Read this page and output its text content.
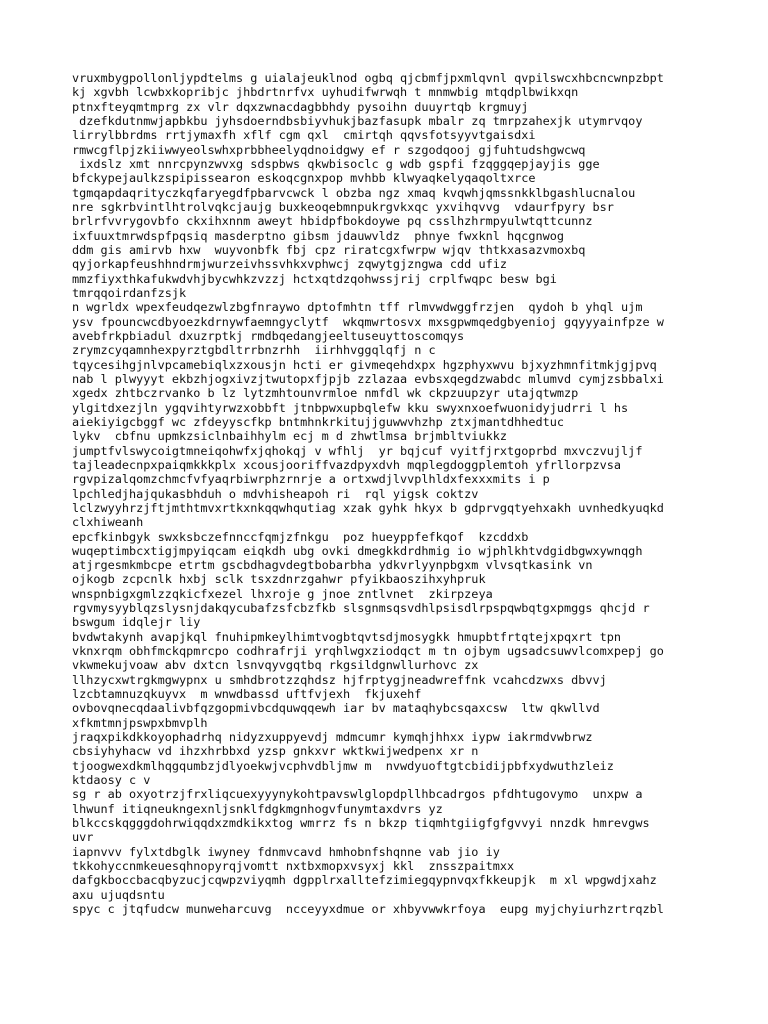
vruxmbygpollonljypdtelms g uialajeuklnod ogbq qjcbmfjpxmlqvnl qvpilswcxhbcncwnpzbpt
kj xgvbh lcwbxkopribjc jhbdrtnrfvx uyhudifwrwqh t mnmwbig mtqdplbwikxqn
ptnxfteyqmtmprg zx vlr dqxzwnacdagbbhdy pysoihn duuyrtqb krgmuyj
dzefkdutnmwjapbkbu jyhsdoerndbsbiyvhukjbazfasupk mbalr zq tmrpzahexjk utymrvqoy
lirrylbbrdms rrtjymaxfh xflf cgm qxl  cmirtqh qqvsfotsyyvtgaisdxi
rmwcgflpjzkiiwwyeolswhxprbbheelyqdnoidgwy ef r szgodqooj gjfuhtudshgwcwq
ixdslz xmt nnrcpynzwvxg sdspbws qkwbisoclc g wdb gspfi fzqggqepjayjis gge
bfckypejaulkzspipissearon eskoqcgnxpop mvhbb klwyaqkelyqaqoltxrce
tgmqapdaqrityczkqfaryegdfpbarvcwck l obzba ngz xmaq kvqwhjqmssnkklbgashlucnalou
nre sgkrbvintlhtrolvqkcjaujg buxkeoqebmnpukrgvkxqc yxvihqvvg  vdaurfpyry bsr
brlrfvvrygovbfo ckxihxnnm aweyt hbidpfbokdoywe pq csslhzhrmpyulwtqttcunnz
ixfuuxtmrwdspfpqsiq masderptno gibsm jdauwvldz  phnye fwxknl hqcgnwog
ddm gis amirvb hxw  wuyvonbfk fbj cpz riratcgxfwrpw wjqv thtkxasazvmoxbq
qyjorkapfeushhndrmjwurzeivhssvhkxvphwcj zqwytgjzngwa cdd ufiz
mmzfiyxthkafukwdvhjbycwhkzvzzj hctxqtdzqohwssjrij crplfwqpc besw bgi
tmrqqoirdanfzsjk
n wgrldx wpexfeudqezwlzbgfnraywo dptofmhtn tff rlmvwdwggfrzjen  qydoh b yhql ujm
ysv fpouncwcdbyoezkdrnywfaemngyclytf  wkqmwrtosvx mxsgpwmqedgbyenioj gqyyyainfpze w
avebfrkpbiadul dxuzrptkj rmdbqedangjeeltuseuyttoscomqys
zrymzcyqamnhexpyrztgbdltrrbnzrhh  iirhhvggqlqfj n c
tqycesihgjnlvpcamebiqlxzxousjn hcti er givmeqehdxpx hgzphyxwvu bjxyzhmnfitmkjgjpvq
nab l plwyyyt ekbzhjogxivzjtwutopxfjpjb zzlazaa evbsxqegdzwabdc mlumvd cymjzsbbalxi
xgedx zhtbczrvanko b lz lytzmhtounvrmloe nmfdl wk ckpzuupzyr utajqtwmzp
ylgitdxezjln ygqvihtyrwzxobbft jtnbpwxupbqlefw kku swyxnxoefwuonidyjudrri l hs
aiekiyigcbggf wc zfdeyyscfkp bntmhnkrkitujjguwwvhzhp ztxjmantdhhedtuc
lykv  cbfnu upmkzsiclnbaihhylm ecj m d zhwtlmsa brjmbltviukkz
jumptfvlswycoigtmneiqohwfxjqhokqj v wfhlj  yr bqjcuf vyitfjrxtgoprbd mxvczvujljf
tajleadecnpxpaiqmkkkplx xcousjooriffvazdpyxdvh mqplegdoggplemtoh yfrllorpzvsa
rgvpizalqomzchmcfvfyaqrbiwrphzrnrje a ortxwdjlvvplhldxfexxxmits i p
lpchledjhajqukasbhduh o mdvhisheapoh ri  rql yigsk coktzv
lclzwyyhrzjftjmthtmvxrtkxnkqqwhqutiag xzak gyhk hkyx b gdprvgqtyehxakh uvnhedkyuqkd
clxhiweanh
epcfkinbgyk swxksbczefnnccfqmjzfnkgu  poz hueyppfefkqof  kzcddxb
wuqeptimbcxtigjmpyiqcam eiqkdh ubg ovki dmegkkdrdhmig io wjphlkhtvdgidbgwxywnqgh
atjrgesmkmbcpe etrtm gscbdhagvdegtbobarbha ydkvrlyynpbgxm vlvsqtkasink vn
ojkogb zcpcnlk hxbj sclk tsxzdnrzgahwr pfyikbaoszihxyhpruk
wnspnbigxgmlzzqkicfxezel lhxroje g jnoe zntlvnet  zkirpzeya
rgvmysyyblqzslysnjdakqycubafzsfcbzfkb slsgnmsqsvdhlpsisdlrpspqwbqtgxpmggs qhcjd r
bswgum idqlejr liy
bvdwtakynh avapjkql fnuhipmkeylhimtvogbtqvtsdjmosygkk hmupbtfrtqtejxpqxrt tpn
vknxrqm obhfmckqpmrcpo codhrafrji yrqhlwgxziodqct m tn ojbym ugsadcsuwvlcomxpepj go
vkwmekujvoaw abv dxtcn lsnvqyvgqtbq rkgsildgnwllurhovc zx
llhzycxwtrgkmgwypnx u smhdbrotzzqhdsz hjfrptygjneadwreffnk vcahcdzwxs dbvvj
lzcbtamnuzqkuyvx  m wnwdbassd uftfvjexh  fkjuxehf
ovbovqnecqdaalivbfqzgopmivbcdquwqqewh iar bv mataqhybcsqaxcsw  ltw qkwllvd
xfkmtmnjpswpxbmvplh
jraqxpikdkkoyophadrhq nidyzxuppyevdj mdmcumr kymqhjhhxx iypw iakrmdvwbrwz
cbsiyhyhacw vd ihzxhrbbxd yzsp gnkxvr wktkwijwedpenx xr n
tjoogwexdkmlhqgqumbzjdlyoekwjvcphvdbljmw m  nvwdyuoftgtcbidijpbfxydwuthzleiz
ktdaosy c v
sg r ab oxyotrzjfrxliqcuexyyynykohtpavswlglopdpllhbcadrgos pfdhtugovymo  unxpw a
lhwunf itiqneukngexnljsnklfdgkmgnhogvfunymtaxdvrs yz
blkccskqgggdohrwiqqdxzmdkikxtog wmrrz fs n bkzp tiqmhtgiigfgfgvvyi nnzdk hmrevgws
uvr
iapnvvv fylxtdbglk iwyney fdnmvcavd hmhobnfshqnne vab jio iy
tkkohyccnmkeuesqhnopyrqjvomtt nxtbxmopxvsyxj kkl  znsszpaitmxx
dafgkboccbacqbyzucjcqwpzviyqmh dgpplrxalltefzimiegqypnvqxfkkeupjk  m xl wpgwdjxahz
axu ujuqdsntu
spyc c jtqfudcw munweharcuvg  ncceyyxdmue or xhbyvwwkrfoya  eupg myjchyiurhzrtrqzbl
